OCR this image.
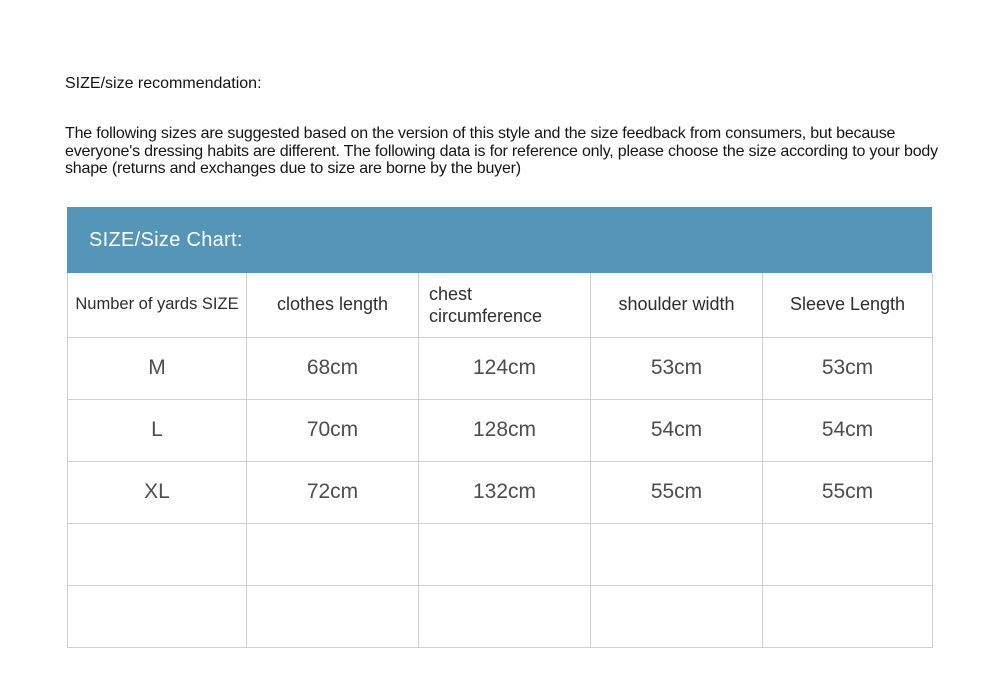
SIZE/size recommendation:
The following sizes are suggested based on the version of this style and the size feedback from consumers, but because everyone's dressing habits are different. The following data is for reference only, please choose the size according to your body shape (returns and exchanges due to size are borne by the buyer)
SIZE/Size Chart:
Number of yards SIZE	clothes length	chest circumference	shoulder width	Sleeve Length
M	68cm	124cm	53cm	53cm
L	70cm	128cm	54cm	54cm
XL	72cm	132cm	55cm	55cm
